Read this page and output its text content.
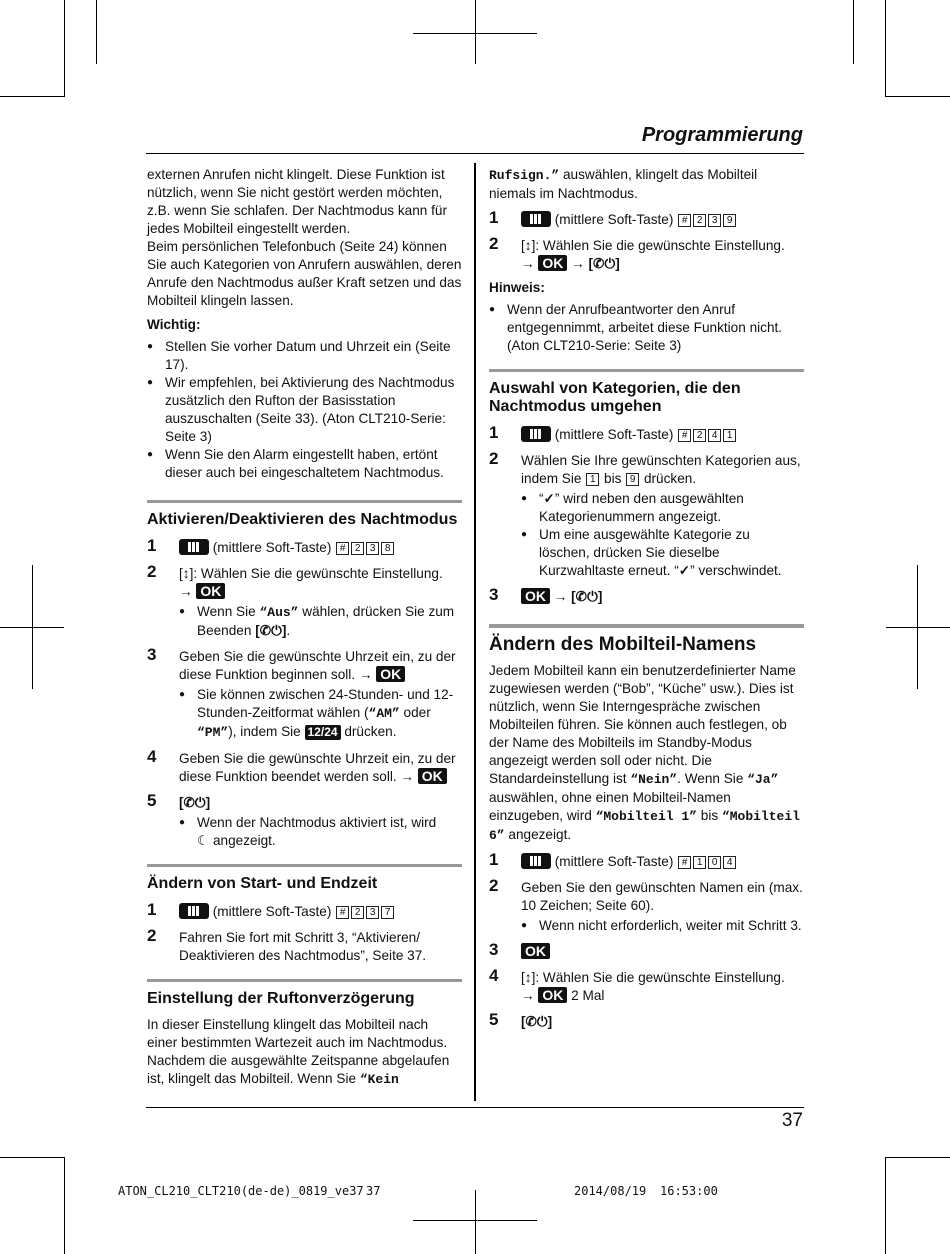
Programmierung

externen Anrufen nicht klingelt. Diese Funktion ist nützlich, wenn Sie nicht gestört werden möchten, z.B. wenn Sie schlafen. Der Nachtmodus kann für jedes Mobilteil eingestellt werden.

Beim persönlichen Telefonbuch (Seite 24) können Sie auch Kategorien von Anrufern auswählen, deren Anrufe den Nachtmodus außer Kraft setzen und das Mobilteil klingeln lassen.

Wichtig:

● Stellen Sie vorher Datum und Uhrzeit ein (Seite 17).
● Wir empfehlen, bei Aktivierung des Nachtmodus zusätzlich den Rufton der Basisstation auszuschalten (Seite 33). (Aton CLT210-Serie: Seite 3)
● Wenn Sie den Alarm eingestellt haben, ertönt dieser auch bei eingeschaltetem Nachtmodus.
Aktivieren/Deaktivieren des Nachtmodus
1	(mittlere Soft-Taste) # 2 3 8
2 [↕]: Wählen Sie die gewünschte Einstellung.
→ OK
● Wenn Sie “Aus” wählen, drücken Sie zum Beenden [✆⏻].
3 Geben Sie die gewünschte Uhrzeit ein, zu der diese Funktion beginnen soll. → OK
● Sie können zwischen 24-Stunden- und 12-Stunden-Zeitformat wählen (“AM” oder “PM”), indem Sie 12/24 drücken.
4 Geben Sie die gewünschte Uhrzeit ein, zu der diese Funktion beendet werden soll. → OK
5 [✆⏻]
● Wenn der Nachtmodus aktiviert ist, wird
☾ angezeigt.
Ändern von Start- und Endzeit
1	(mittlere Soft-Taste) # 2 3 7
2 Fahren Sie fort mit Schritt 3, “Aktivieren/ Deaktivieren des Nachtmodus”, Seite 37.
Einstellung der Ruftonverzögerung

In dieser Einstellung klingelt das Mobilteil nach einer bestimmten Wartezeit auch im Nachtmodus. Nachdem die ausgewählte Zeitspanne abgelaufen ist, klingelt das Mobilteil. Wenn Sie “Kein

Rufsign.” auswählen, klingelt das Mobilteil niemals im Nachtmodus.

1	(mittlere Soft-Taste) # 2 3 9
2 [↕]: Wählen Sie die gewünschte Einstellung.
→ OK → [✆⏻]

Hinweis:

● Wenn der Anrufbeantworter den Anruf entgegennimmt, arbeitet diese Funktion nicht. (Aton CLT210-Serie: Seite 3)
Auswahl von Kategorien, die den Nachtmodus umgehen
1	(mittlere Soft-Taste) # 2 4 1
2 Wählen Sie Ihre gewünschten Kategorien aus, indem Sie 1 bis 9 drücken.
● “✓” wird neben den ausgewählten Kategorienummern angezeigt.
● Um eine ausgewählte Kategorie zu löschen, drücken Sie dieselbe Kurzwahltaste erneut. “✓” verschwindet.
3 OK → [✆⏻]
Ändern des Mobilteil-Namens

Jedem Mobilteil kann ein benutzerdefinierter Name zugewiesen werden (“Bob”, “Küche” usw.). Dies ist nützlich, wenn Sie Interngespräche zwischen Mobilteilen führen. Sie können auch festlegen, ob der Name des Mobilteils im Standby-Modus angezeigt werden soll oder nicht. Die Standardeinstellung ist “Nein”. Wenn Sie “Ja” auswählen, ohne einen Mobilteil-Namen einzugeben, wird “Mobilteil 1” bis “Mobilteil 6” angezeigt.

1	(mittlere Soft-Taste) # 1 0 4
2 Geben Sie den gewünschten Namen ein (max. 10 Zeichen; Seite 60).
● Wenn nicht erforderlich, weiter mit Schritt 3.
3 OK
4 [↕]: Wählen Sie die gewünschte Einstellung.
→ OK 2 Mal
5 [✆⏻]
37
ATON_CL210_CLT210(de-de)_0819_ve37 37	2014/08/19 16:53:00
